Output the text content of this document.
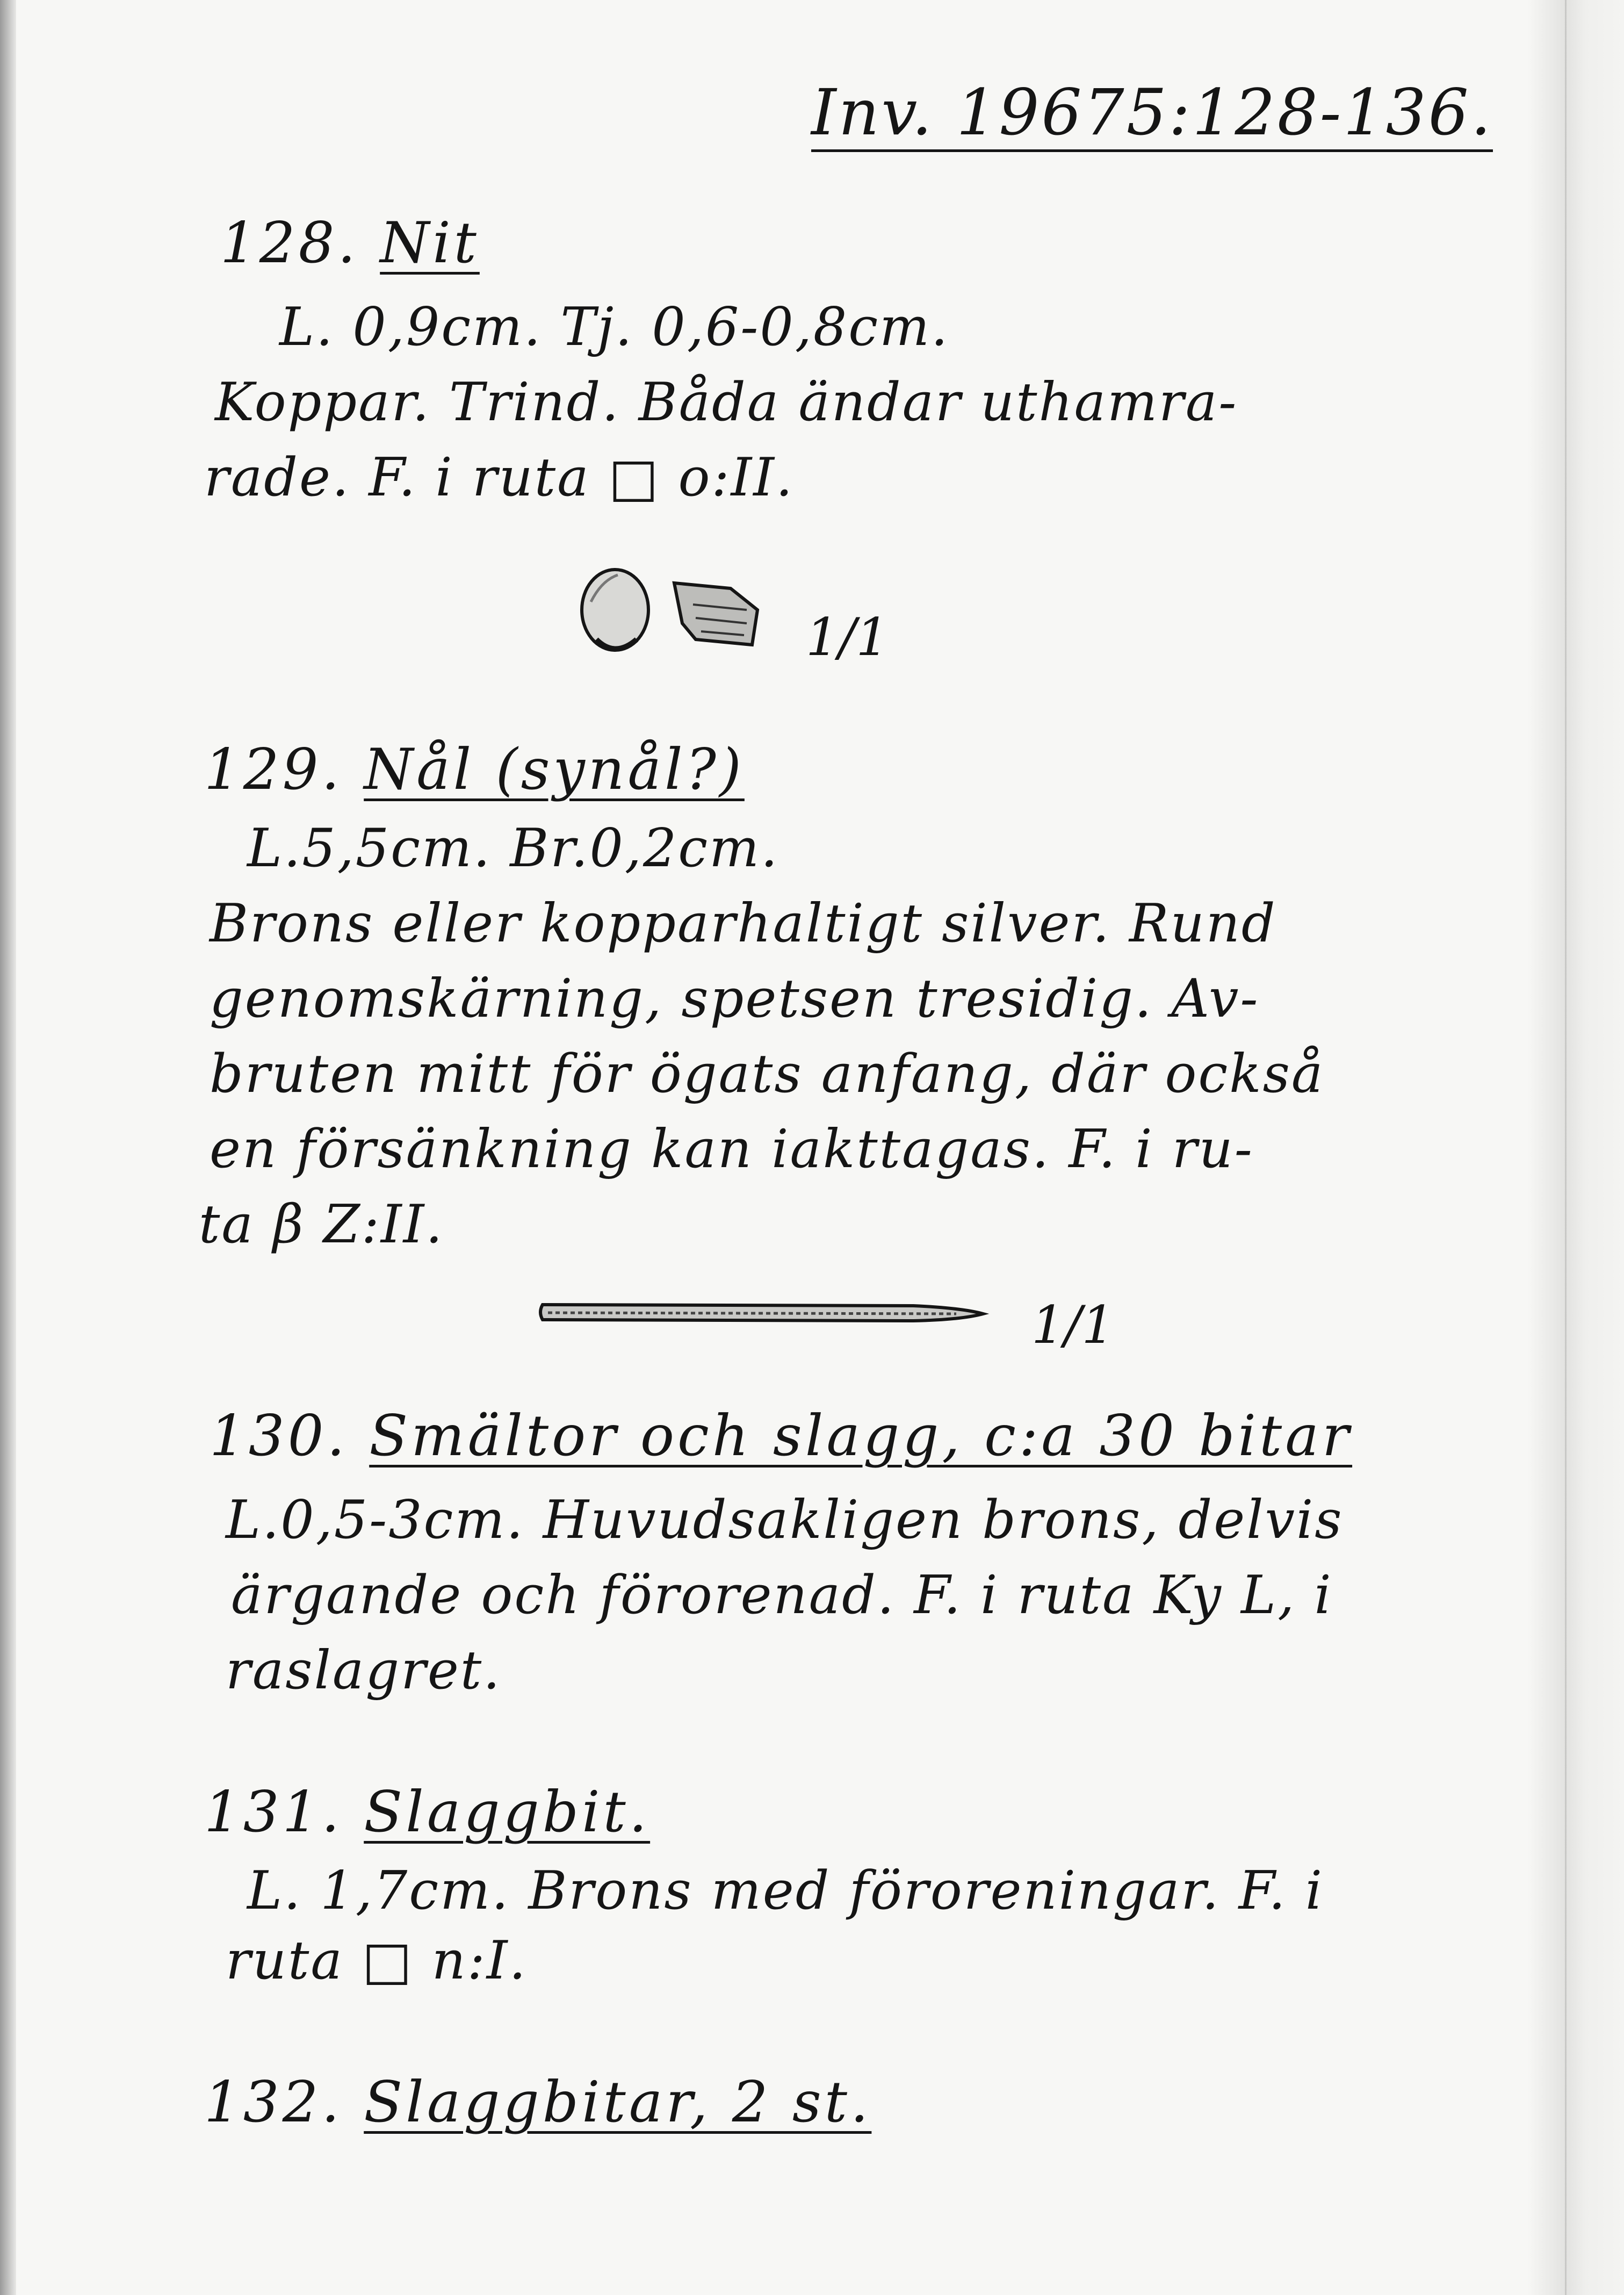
Inv. 19675:128-136.
128. Nit
L. 0,9cm. Tj. 0,6-0,8cm.
Koppar. Trind. Båda ändar uthamra-
rade. F. i ruta □ o:II.
1/1
129. Nål (synål?)
L.5,5cm. Br.0,2cm.
Brons eller kopparhaltigt silver. Rund
genomskärning, spetsen tresidig. Av-
bruten mitt för ögats anfang, där också
en försänkning kan iakttagas. F. i ru-
ta β Z:II.
1/1
130. Smältor och slagg, c:a 30 bitar
L.0,5-3cm. Huvudsakligen brons, delvis
ärgande och förorenad. F. i ruta Ky L, i
raslagret.
131. Slaggbit.
L. 1,7cm. Brons med föroreningar. F. i
ruta □ n:I.
132. Slaggbitar, 2 st.
